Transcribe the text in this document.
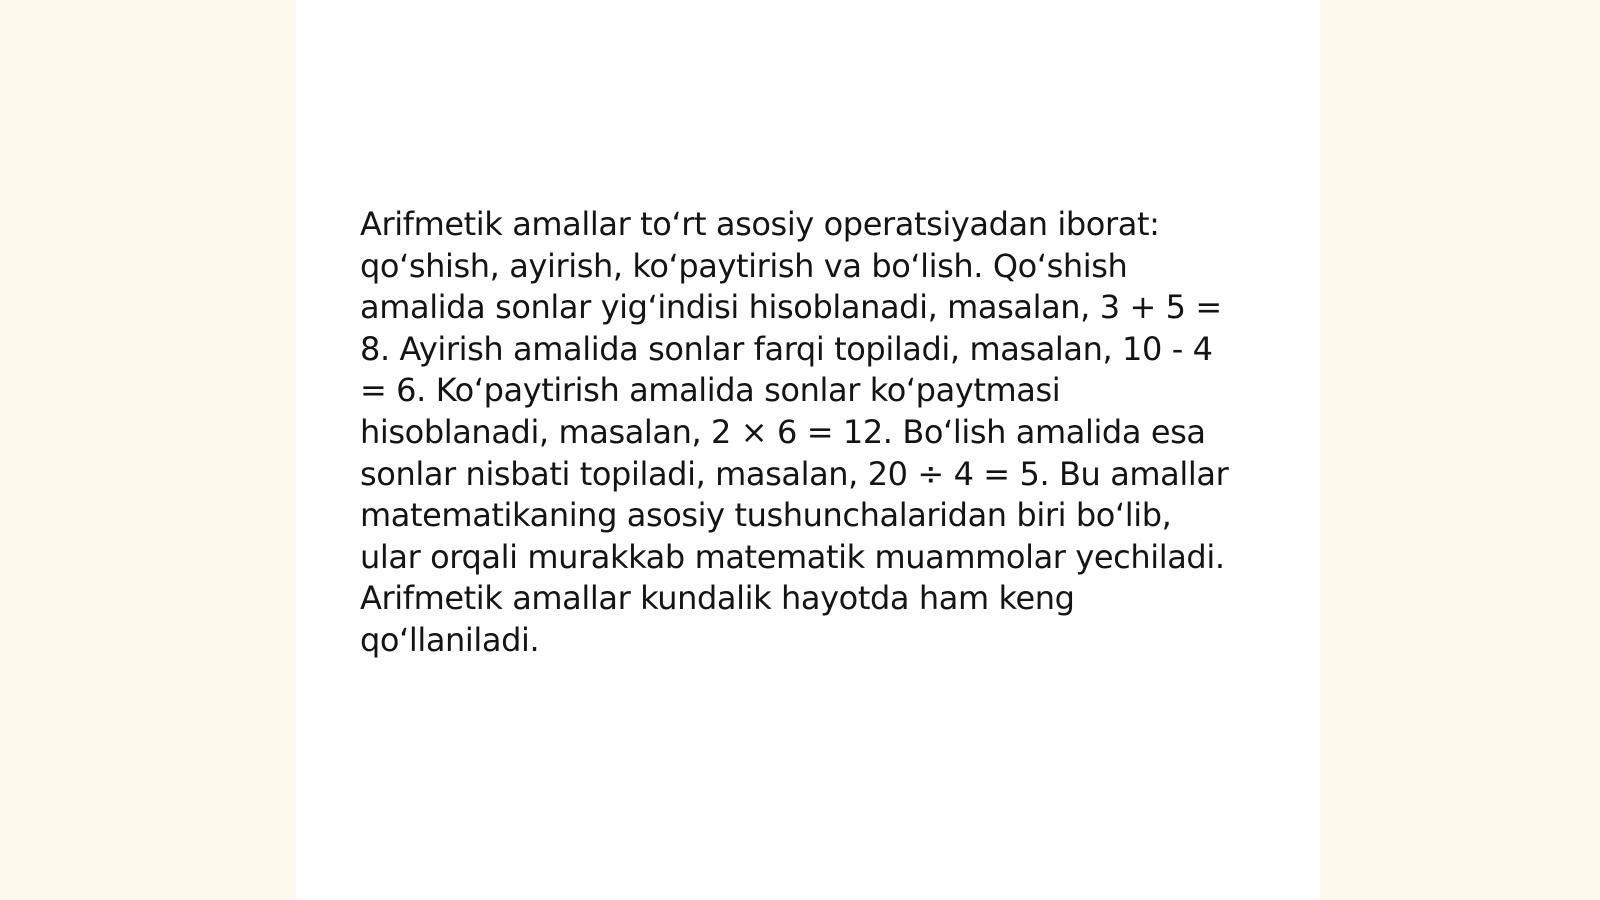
Arifmetik amallar to‘rt asosiy operatsiyadan iborat: qo‘shish, ayirish, ko‘paytirish va bo‘lish. Qo‘shish amalida sonlar yig‘indisi hisoblanadi, masalan, 3 + 5 = 8. Ayirish amalida sonlar farqi topiladi, masalan, 10 - 4 = 6. Ko‘paytirish amalida sonlar ko‘paytmasi hisoblanadi, masalan, 2 × 6 = 12. Bo‘lish amalida esa sonlar nisbati topiladi, masalan, 20 ÷ 4 = 5. Bu amallar matematikaning asosiy tushunchalaridan biri bo‘lib, ular orqali murakkab matematik muammolar yechiladi. Arifmetik amallar kundalik hayotda ham keng qo‘llaniladi.
